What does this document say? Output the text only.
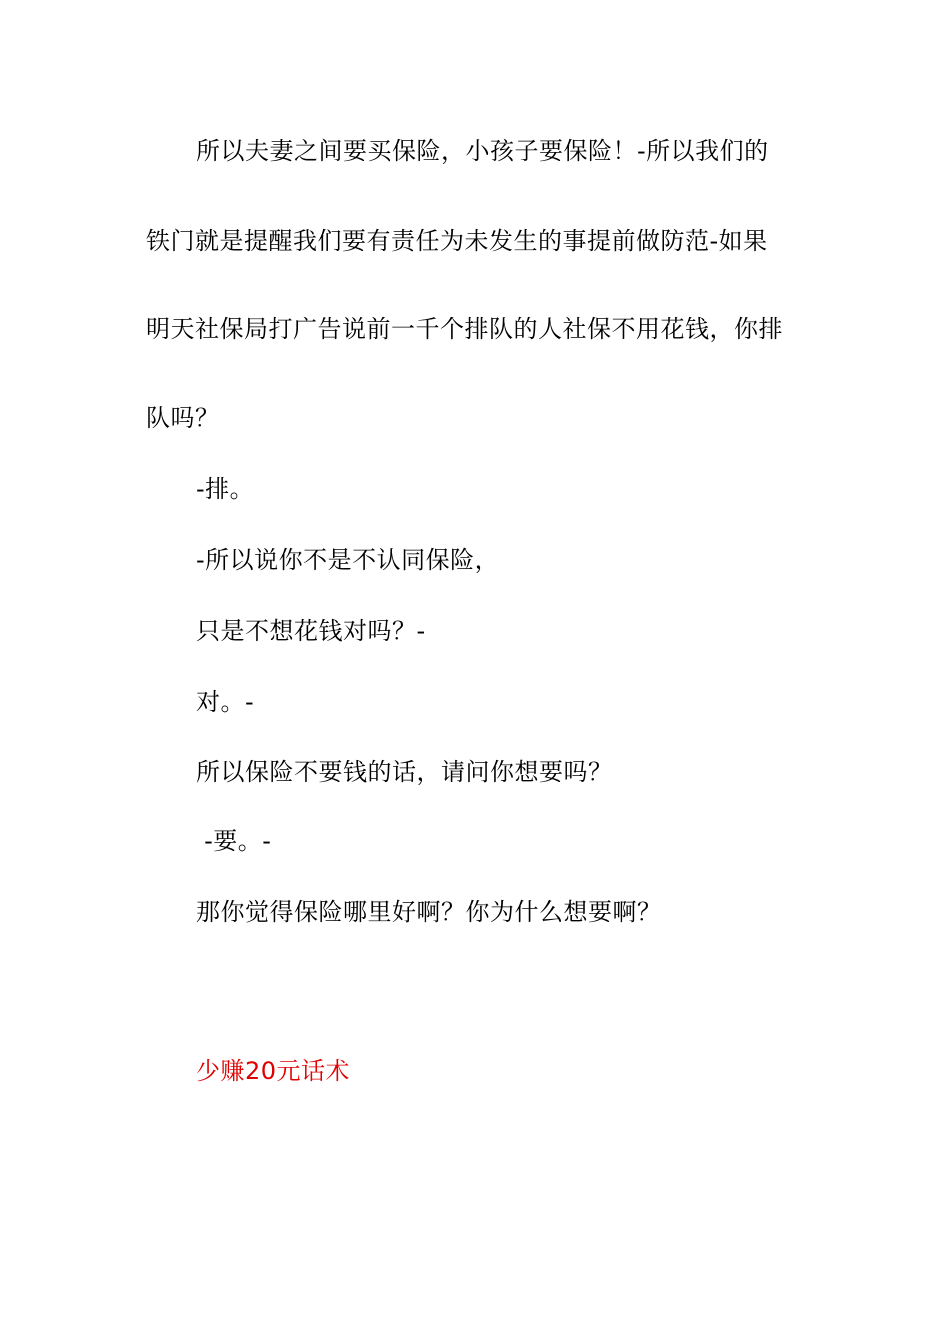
所以夫妻之间要买保险，小孩子要保险！-所以我们的
铁门就是提醒我们要有责任为未发生的事提前做防范-如果
明天社保局打广告说前一千个排队的人社保不用花钱，你排
队吗？
-排。
-所以说你不是不认同保险，
只是不想花钱对吗？-
对。-
所以保险不要钱的话，请问你想要吗？
-要。-
那你觉得保险哪里好啊？你为什么想要啊？
少赚20元话术
